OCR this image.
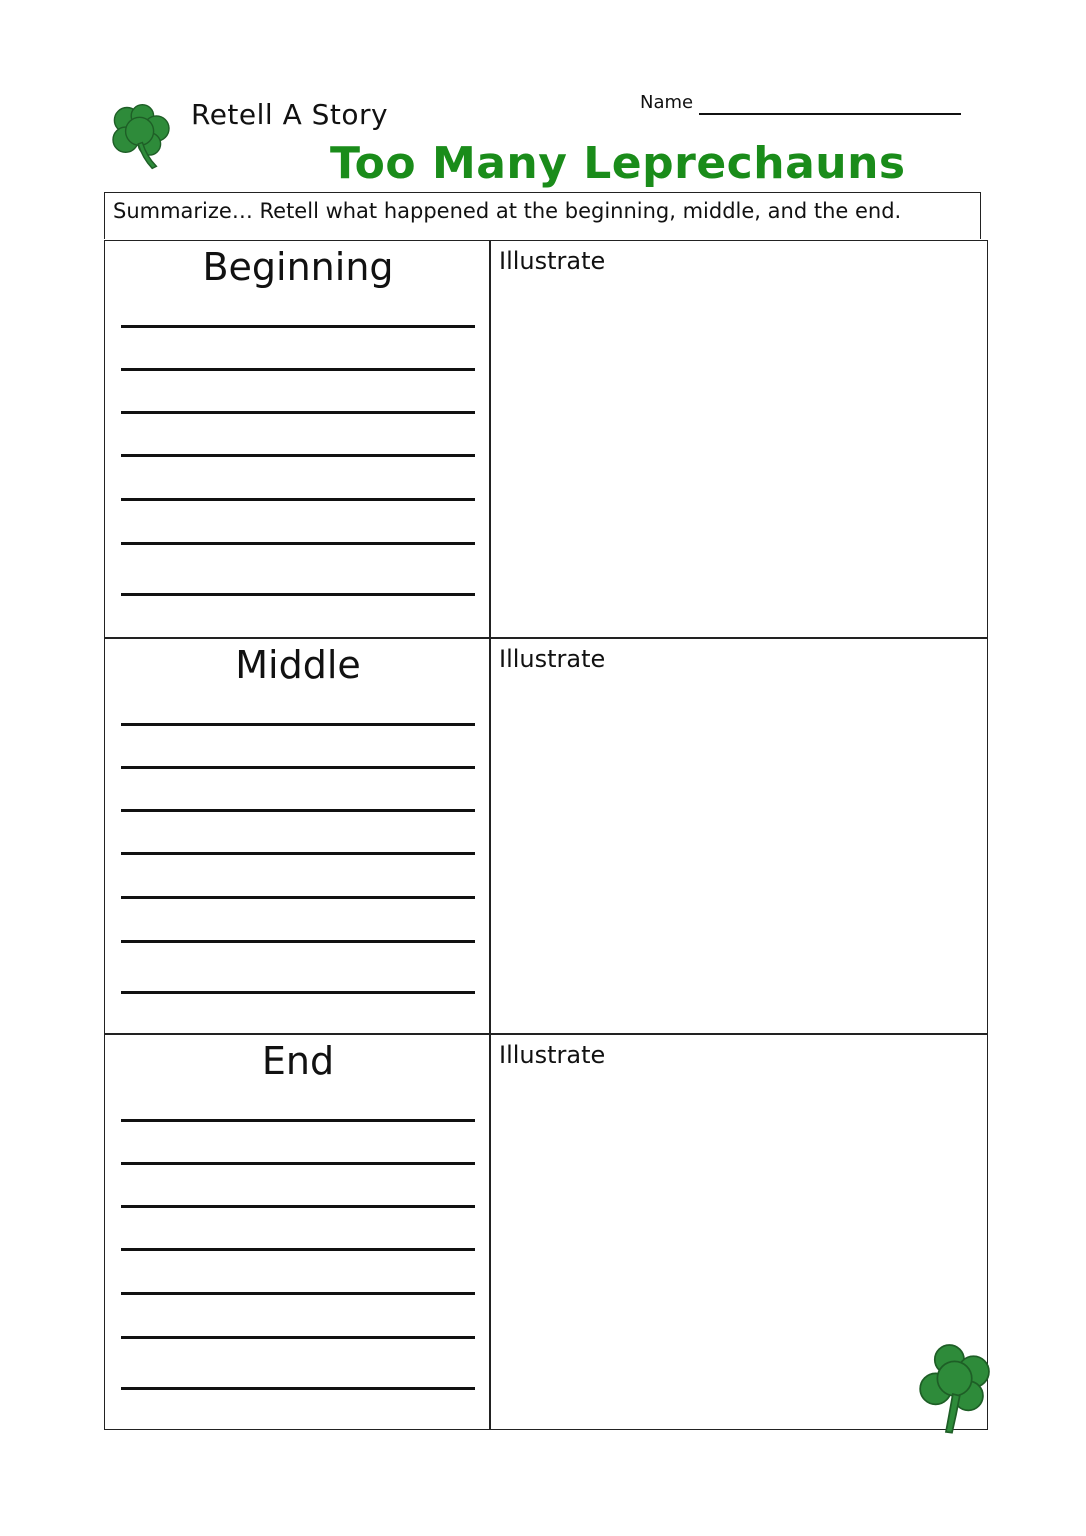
Retell A Story	Name
Too Many Leprechauns
Summarize… Retell what happened at the beginning, middle, and the end.
Beginning	Illustrate
Middle	Illustrate
End	Illustrate
